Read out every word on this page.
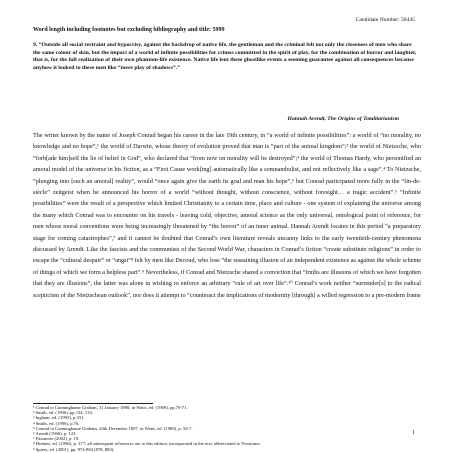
Candidate Number: 50445
Word length including footnotes but excluding bibliography and title: 5999
9. “Outside all social restraint and hypocrisy, against the backdrop of native life, the gentleman and the criminal felt not only the closeness of men who share the same colour of skin, but the impact of a world of infinite possibilities for crimes committed in the spirit of play, for the combination of horror and laughter, that is, for the full realization of their own phantom-life existence. Native life lent these ghostlike events a seeming guarantee against all consequences because anyhow it looked to these men like “mere play of shadows”.”
Hannah Arendt, The Origins of Totalitarianism

The writer known by the name of Joseph Conrad began his career in the late 19th century, in “a world of infinite possibilities”: a world of “no morality, no knowledge and no hope”,¹ the world of Darwin, whose theory of evolution proved that man is “part of the animal kingdom”;² the world of Nietzsche, who “forb[ade him]self the lie of belief in God”, who declared that “from now on morality will be destroyed”;³ the world of Thomas Hardy, who personified an amoral model of the universe in his fiction, as a “First Cause work[ing] automatically like a somnambulist, and not reflectively like a sage”.⁴ To Nietzsche, “plunging into [such an amoral] reality”, would “once again give the earth its goal and man his hope”,⁵ but Conrad participated more fully in the “fin-de-siècle” zeitgeist when he announced his horror of a world “without thought, without conscience, without foresight… a tragic accident”.⁶ “Infinite possibilities” were the result of a perspective which limited Christianity to a certain time, place and culture - one system of explaining the universe among the many which Conrad was to encounter on his travels - leaving cold, objective, amoral science as the only universal, ontological point of reference, for men whose moral conventions were being increasingly threatened by “the horror” of an inner animal. Hannah Arendt locates in this period “a preparatory stage for coming catastrophes”,⁷ and it cannot be doubted that Conrad’s own literature reveals uncanny links to the early twentieth-century phenomena discussed by Arendt. Like the fascists and the communists of the Second World War, characters in Conrad’s fiction “create substitute religions” in order to escape the “cultural despair” or “angst”⁸ felt by men like Decoud, who lose “the sustaining illusion of an independent existence as against the whole scheme of things of which we form a helpless part”.⁹ Nevertheless, if Conrad and Nietzsche shared a conviction that “truths are illusions of which we have forgotten that they are illusions”, the latter was alone in wishing to enforce an arbitrary “rule of art over life”.¹⁰ Conrad’s work neither “surrender[s] to the radical scepticism of the Nietzschean outlook”, nor does it attempt to “counteract the implications of modernity [through] a willed regression to a pre-modern frame

¹ Conrad to Cunninghame Graham, 31 January 1898, in Watts, ed. (1969), pp.70-71.
² Smith, ed. (1996), pp.134, 133.
³ Ingham, ed. (1993), p.331.
⁴ Smith, ed. (1996), p.76.
⁵ Conrad to Cunninghame Graham, 20th December 1897, in Watts, ed. (1969), p. 56-7.
⁶ Arendt (1966), p. 123.
⁷ Passmore (2002), p. 19.
⁸ Holmes, ed. (1996), p. 377; all subsequent references are to this edition, incorporated in the text, abbreviated to Nostromo.
⁹ Spiers, ed. (2001), pp. 874-884 (878, 883).
1
